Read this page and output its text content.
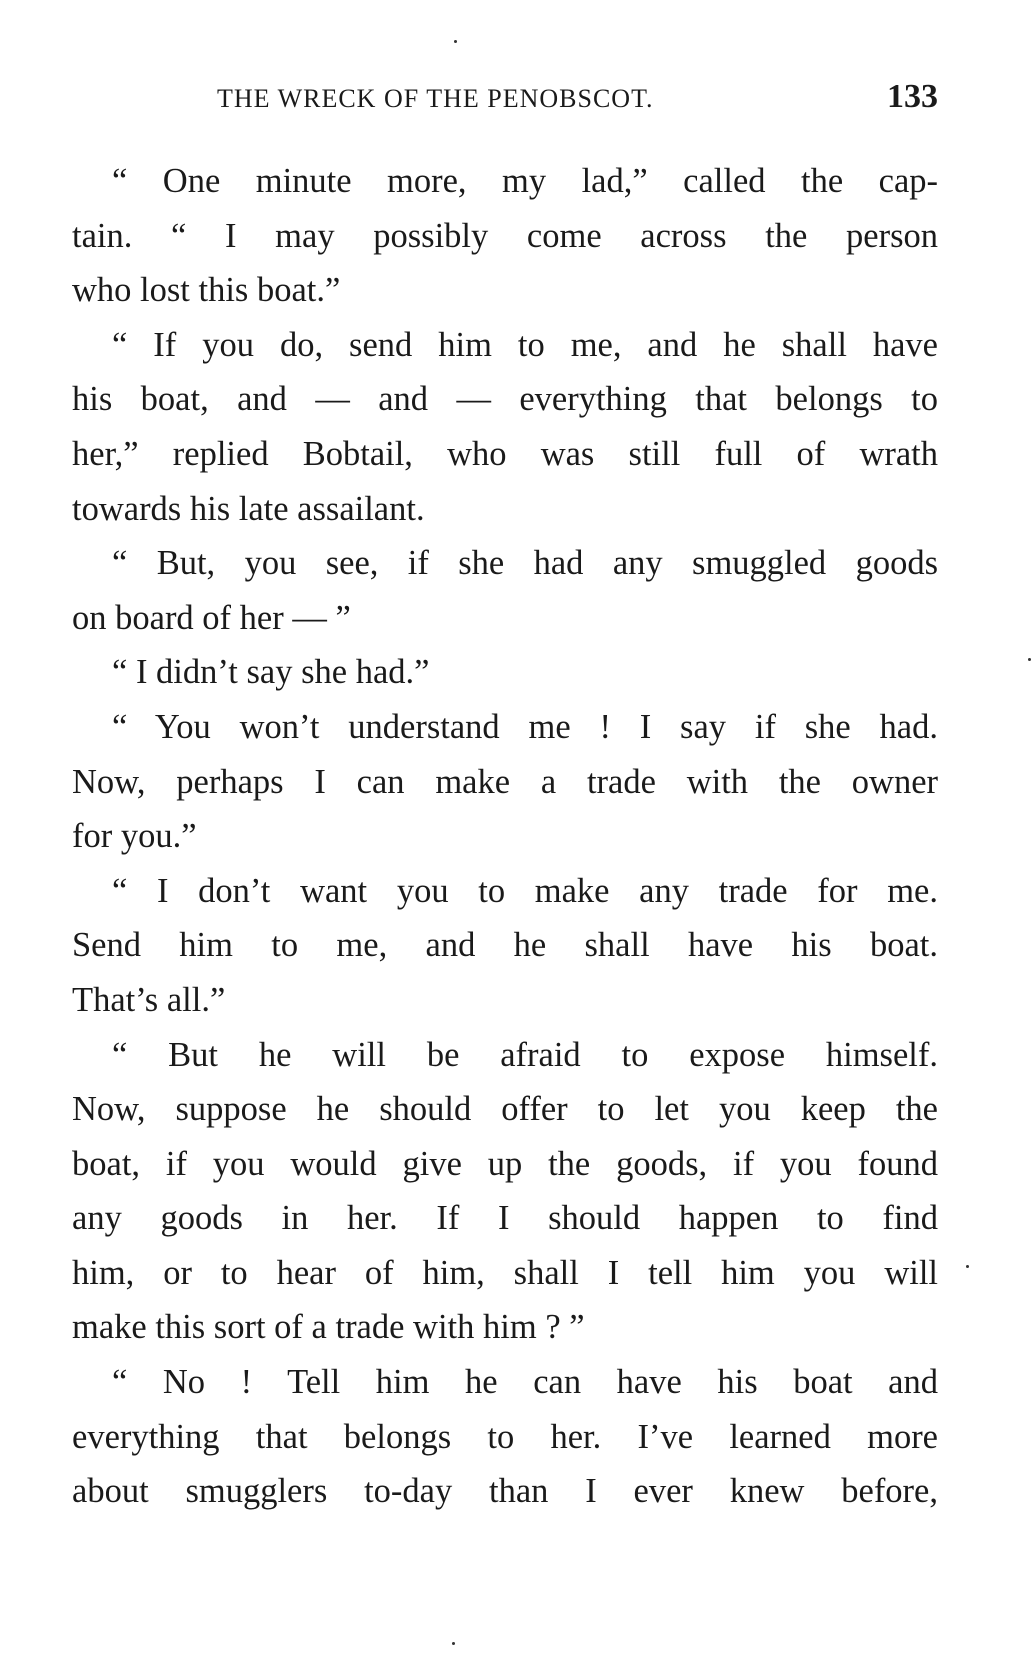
THE WRECK OF THE PENOBSCOT.	133
“ One minute more, my lad,” called the cap-
tain. “ I may possibly come across the person
who lost this boat.”
“ If you do, send him to me, and he shall have
his boat, and — and — everything that belongs to
her,” replied Bobtail, who was still full of wrath
towards his late assailant.
“ But, you see, if she had any smuggled goods
on board of her — ”
“ I didn’t say she had.”
“ You won’t understand me ! I say if she had.
Now, perhaps I can make a trade with the owner
for you.”
“ I don’t want you to make any trade for me.
Send him to me, and he shall have his boat.
That’s all.”
“ But he will be afraid to expose himself.
Now, suppose he should offer to let you keep the
boat, if you would give up the goods, if you found
any goods in her. If I should happen to find
him, or to hear of him, shall I tell him you will
make this sort of a trade with him ? ”
“ No ! Tell him he can have his boat and
everything that belongs to her. I’ve learned more
about smugglers to-day than I ever knew before,
